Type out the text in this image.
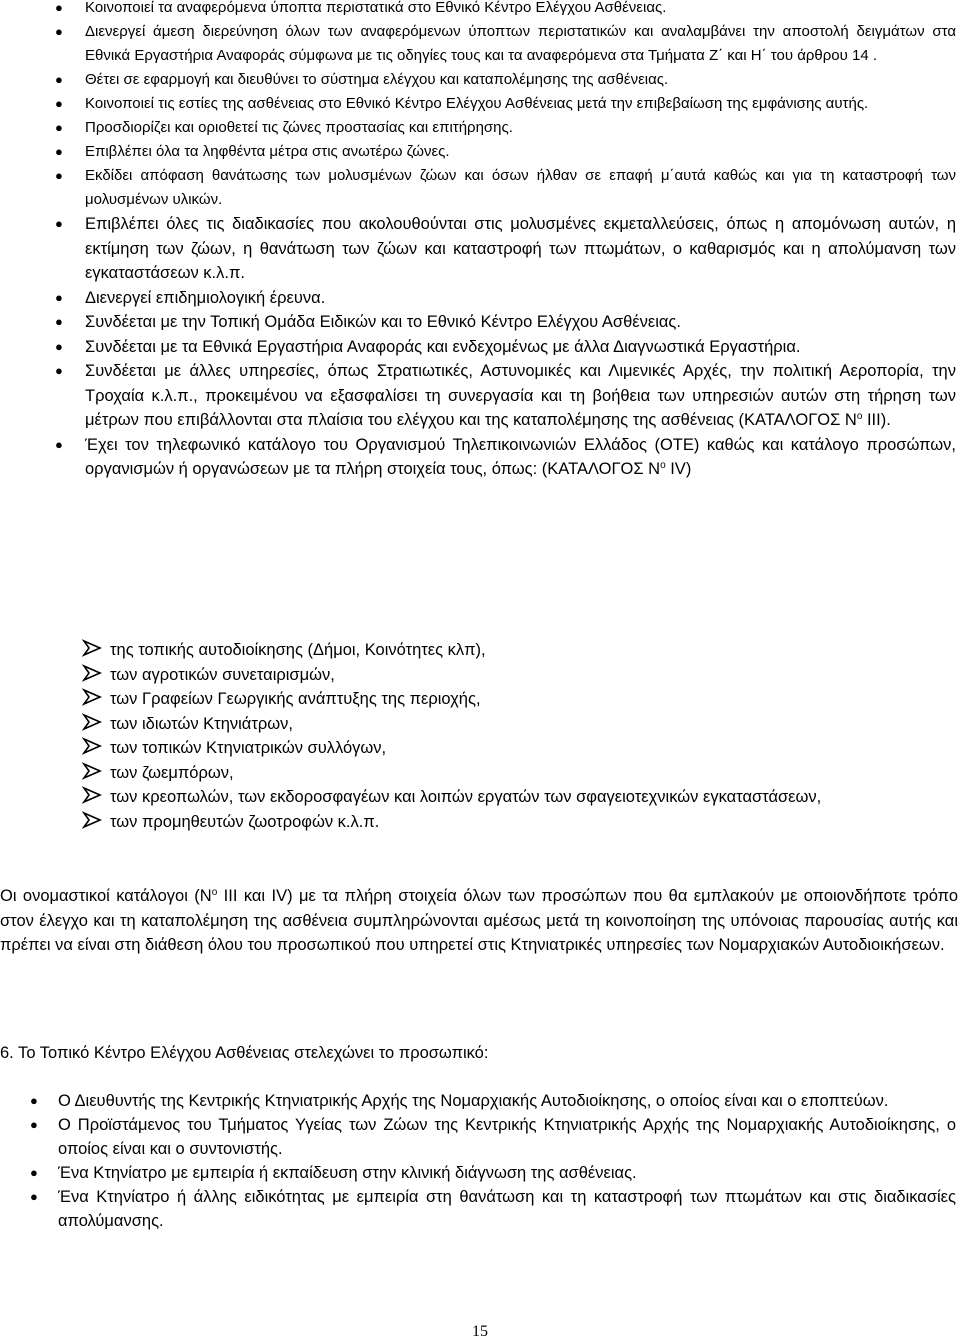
● Κοινοποιεί τα αναφερόμενα ύποπτα περιστατικά στο Εθνικό Κέντρο Ελέγχου Ασθένειας.
● Διενεργεί άμεση διερεύνηση όλων των αναφερόμενων ύποπτων περιστατικών και αναλαμβάνει την αποστολή δειγμάτων στα Εθνικά Εργαστήρια Αναφοράς σύμφωνα με τις οδηγίες τους και τα αναφερόμενα στα Τμήματα Ζ΄ και Η΄ του άρθρου 14 .
● Θέτει σε εφαρμογή και διευθύνει το σύστημα ελέγχου και καταπολέμησης της ασθένειας.
● Κοινοποιεί τις εστίες της ασθένειας στο Εθνικό Κέντρο Ελέγχου Ασθένειας μετά την επιβεβαίωση της εμφάνισης αυτής.
● Προσδιορίζει και οριοθετεί τις ζώνες προστασίας και επιτήρησης.
● Επιβλέπει όλα τα ληφθέντα μέτρα στις ανωτέρω ζώνες.
● Εκδίδει απόφαση θανάτωσης των μολυσμένων ζώων και όσων ήλθαν σε επαφή μ΄αυτά καθώς και για τη καταστροφή των μολυσμένων υλικών.
● Επιβλέπει όλες τις διαδικασίες που ακολουθούνται στις μολυσμένες εκμεταλλεύσεις, όπως η απομόνωση αυτών, η εκτίμηση των ζώων, η θανάτωση των ζώων και καταστροφή των πτωμάτων, ο καθαρισμός και η απολύμανση των εγκαταστάσεων κ.λ.π.
● Διενεργεί επιδημιολογική έρευνα.
● Συνδέεται με την Τοπική Ομάδα Ειδικών και το Εθνικό Κέντρο Ελέγχου Ασθένειας.
● Συνδέεται με τα Εθνικά Εργαστήρια Αναφοράς και ενδεχομένως με άλλα Διαγνωστικά Εργαστήρια.
● Συνδέεται με άλλες υπηρεσίες, όπως Στρατιωτικές, Αστυνομικές και Λιμενικές Αρχές, την πολιτική Αεροπορία, την Τροχαία κ.λ.π., προκειμένου να εξασφαλίσει τη συνεργασία και τη βοήθεια των υπηρεσιών αυτών στη τήρηση των μέτρων που επιβάλλονται στα πλαίσια του ελέγχου και της καταπολέμησης της ασθένειας (ΚΑΤΑΛΟΓΟΣ $N^o$ ΙΙΙ).
● Έχει τον τηλεφωνικό κατάλογο του Οργανισμού Τηλεπικοινωνιών Ελλάδος (ΟΤΕ) καθώς και κατάλογο προσώπων, οργανισμών ή οργανώσεων με τα πλήρη στοιχεία τους, όπως: (ΚΑΤΑΛΟΓΟΣ $N^o$ IV)
της τοπικής αυτοδιοίκησης (Δήμοι, Κοινότητες κλπ),
των αγροτικών συνεταιρισμών,
των Γραφείων Γεωργικής ανάπτυξης της περιοχής,
των ιδιωτών Κτηνιάτρων,
των τοπικών Κτηνιατρικών συλλόγων,
των ζωεμπόρων,
των κρεοπωλών, των εκδοροσφαγέων και λοιπών εργατών των σφαγειοτεχνικών εγκαταστάσεων,
των προμηθευτών ζωοτροφών κ.λ.π.

Οι ονομαστικοί κατάλογοι ($N^o$ ΙΙΙ και IV) με τα πλήρη στοιχεία όλων των προσώπων που θα εμπλακούν με οποιονδήποτε τρόπο στον έλεγχο και τη καταπολέμηση της ασθένεια συμπληρώνονται αμέσως μετά τη κοινοποίηση της υπόνοιας παρουσίας αυτής και πρέπει να είναι στη διάθεση όλου του προσωπικού που υπηρετεί στις Κτηνιατρικές υπηρεσίες των Νομαρχιακών Αυτοδιοικήσεων.

6. Το Τοπικό Κέντρο Ελέγχου Ασθένειας στελεχώνει το προσωπικό:

● Ο Διευθυντής της Κεντρικής Κτηνιατρικής Αρχής της Νομαρχιακής Αυτοδιοίκησης, ο οποίος είναι και ο εποπτεύων.
● Ο Προϊστάμενος του Τμήματος Υγείας των Ζώων της Κεντρικής Κτηνιατρικής Αρχής της Νομαρχιακής Αυτοδιοίκησης, ο οποίος είναι και ο συντονιστής.
● Ένα Κτηνίατρο με εμπειρία ή εκπαίδευση στην κλινική διάγνωση της ασθένειας.
● Ένα Κτηνίατρο ή άλλης ειδικότητας με εμπειρία στη θανάτωση και τη καταστροφή των πτωμάτων και στις διαδικασίες απολύμανσης.
15
